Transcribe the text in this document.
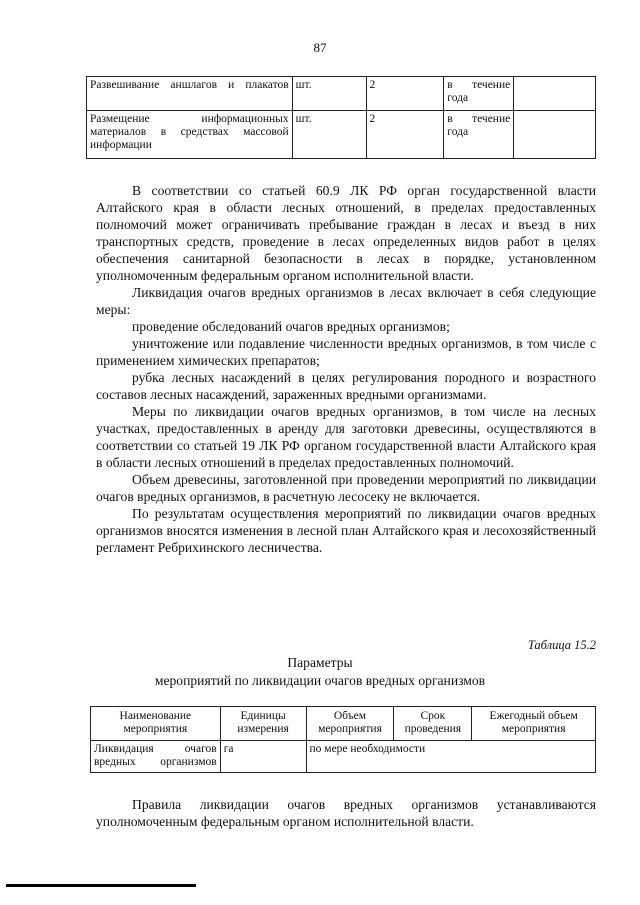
87
Развешивание аншлагов и плакатов	шт.	2	в течение года	
Размещение информационных материалов в средствах массовой информации	шт.	2	в течение года	

В соответствии со статьей 60.9 ЛК РФ орган государственной власти Алтайского края в области лесных отношений, в пределах предоставленных полномочий может ограничивать пребывание граждан в лесах и въезд в них транспортных средств, проведение в лесах определенных видов работ в целях обеспечения санитарной безопасности в лесах в порядке, установленном уполномоченным федеральным органом исполнительной власти.

Ликвидация очагов вредных организмов в лесах включает в себя следующие меры:

проведение обследований очагов вредных организмов;

уничтожение или подавление численности вредных организмов, в том числе с применением химических препаратов;

рубка лесных насаждений в целях регулирования породного и возрастного составов лесных насаждений, зараженных вредными организмами.

Меры по ликвидации очагов вредных организмов, в том числе на лесных участках, предоставленных в аренду для заготовки древесины, осуществляются в соответствии со статьей 19 ЛК РФ органом государственной власти Алтайского края в области лесных отношений в пределах предоставленных полномочий.

Объем древесины, заготовленной при проведении мероприятий по ликвидации очагов вредных организмов, в расчетную лесосеку не включается.

По результатам осуществления мероприятий по ликвидации очагов вредных организмов вносятся изменения в лесной план Алтайского края и лесохозяйственный регламент Ребрихинского лесничества.

Таблица 15.2
Параметры
мероприятий по ликвидации очагов вредных организмов
Наименование мероприятия	Единицы измерения	Объем мероприятия	Срок проведения	Ежегодный объем мероприятия
Ликвидация очагов вредных организмов	га	по мере необходимости		

Правила ликвидации очагов вредных организмов устанавливаются уполномоченным федеральным органом исполнительной власти.
